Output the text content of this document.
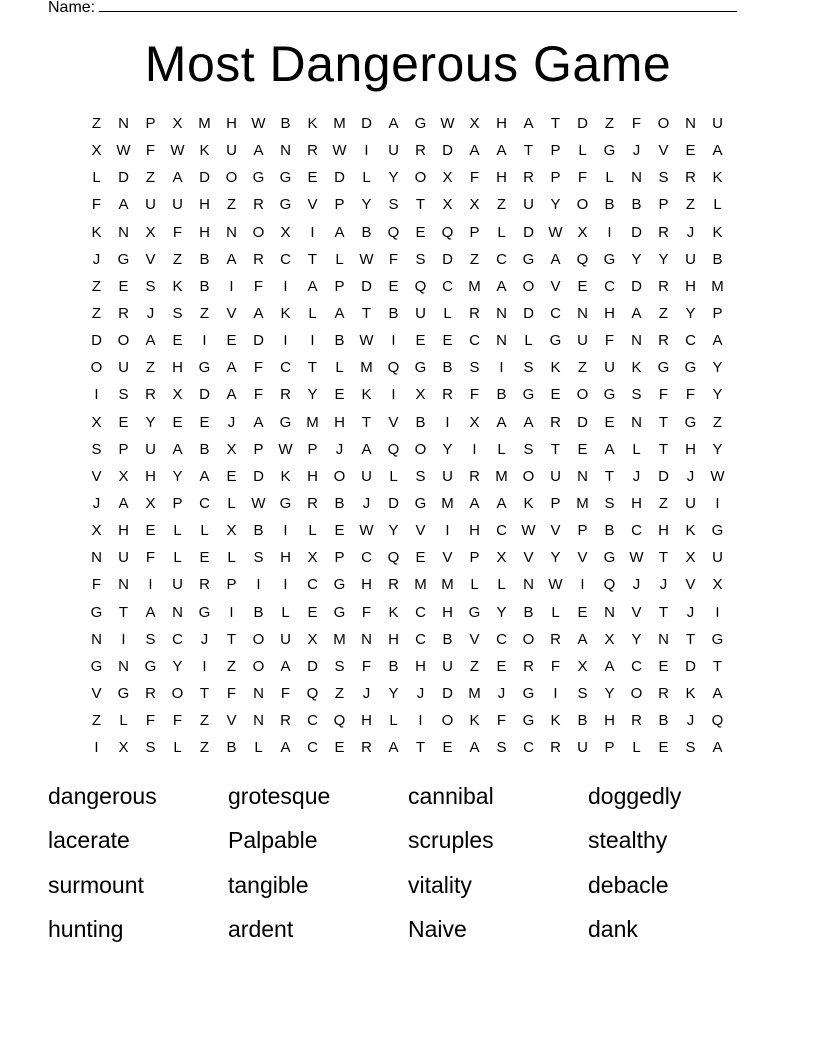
Name:
Most Dangerous Game
Z	N	P	X	M	H W B	K	M	D	A	G W X	H	A	T	D	Z	F	O	N	U
X W	F	W K	U	A	N	R W	I	U	R	D	A	A	T	P	L	G	J	V	E	A
L	D	Z	A	D	O	G	G	E	D	L	Y	O	X	F	H	R	P	F	L	N	S	R	K
F	A	U	U	H	Z	R	G	V	P	Y	S	T	X	X	Z	U	Y	O	B	B	P	Z	L
K	N	X	F	H	N	O	X	I	A	B	Q	E	Q	P	L	D W X	I	D	R	J	K
J	G	V	Z	B	A	R	C	T	L	W	F	S	D	Z	C	G	A	Q	G	Y	Y	U	B
Z	E	S	K	B	I	F	I	A	P	D	E	Q	C	M	A	O	V	E	C	D	R	H	M
Z	R	J	S	Z	V	A	K	L	A	T	B	U	L	R	N	D	C	N	H	A	Z	Y	P
D	O	A	E	I	E	D	I	I	B W	I	E	E	C	N	L	G	U	F	N	R	C	A
O	U	Z	H	G	A	F	C	T	L	M Q	G	B	S	I	S	K	Z	U	K	G	G	Y
I	S	R	X	D	A	F	R	Y	E	K	I	X	R	F	B	G	E	O	G	S	F	F	Y
X	E	Y	E	E	J	A	G M	H	T	V	B	I	X	A	A	R	D	E	N	T	G	Z
S	P	U	A	B	X	P W P	J	A	Q	O	Y	I	L	S	T	E	A	L	T	H	Y
V	X	H	Y	A	E	D	K	H	O	U	L	S	U	R	M O	U	N	T	J	D	J	W
J	A	X	P	C	L	W G	R	B	J	D	G M	A	A	K	P	M	S	H	Z	U	I
X	H	E	L	L	X	B	I	L	E W Y	V	I	H	C W V	P	B	C	H	K	G
N	U	F	L	E	L	S	H	X	P	C	Q	E	V	P	X	V	Y	V	G W	T	X	U
F	N	I	U	R	P	I	I	C	G	H	R	M M	L	L	N W	I	Q	J	J	V	X
G	T	A	N	G	I	B	L	E	G	F	K	C	H	G	Y	B	L	E	N	V	T	J	I
N	I	S	C	J	T	O	U	X	M	N	H	C	B	V	C	O	R	A	X	Y	N	T	G
G	N	G	Y	I	Z	O	A	D	S	F	B	H	U	Z	E	R	F	X	A	C	E	D	T
V	G	R	O	T	F	N	F	Q	Z	J	Y	J	D	M	J	G	I	S	Y	O	R	K	A
Z	L	F	F	Z	V	N	R	C	Q	H	L	I	O	K	F	G	K	B	H	R	B	J	Q
I	X	S	L	Z	B	L	A	C	E	R	A	T	E	A	S	C	R	U	P	L	E	S	A
dangerous	grotesque	cannibal	doggedly
lacerate	Palpable	scruples	stealthy
surmount	tangible	vitality	debacle
hunting	ardent	Naive	dank
